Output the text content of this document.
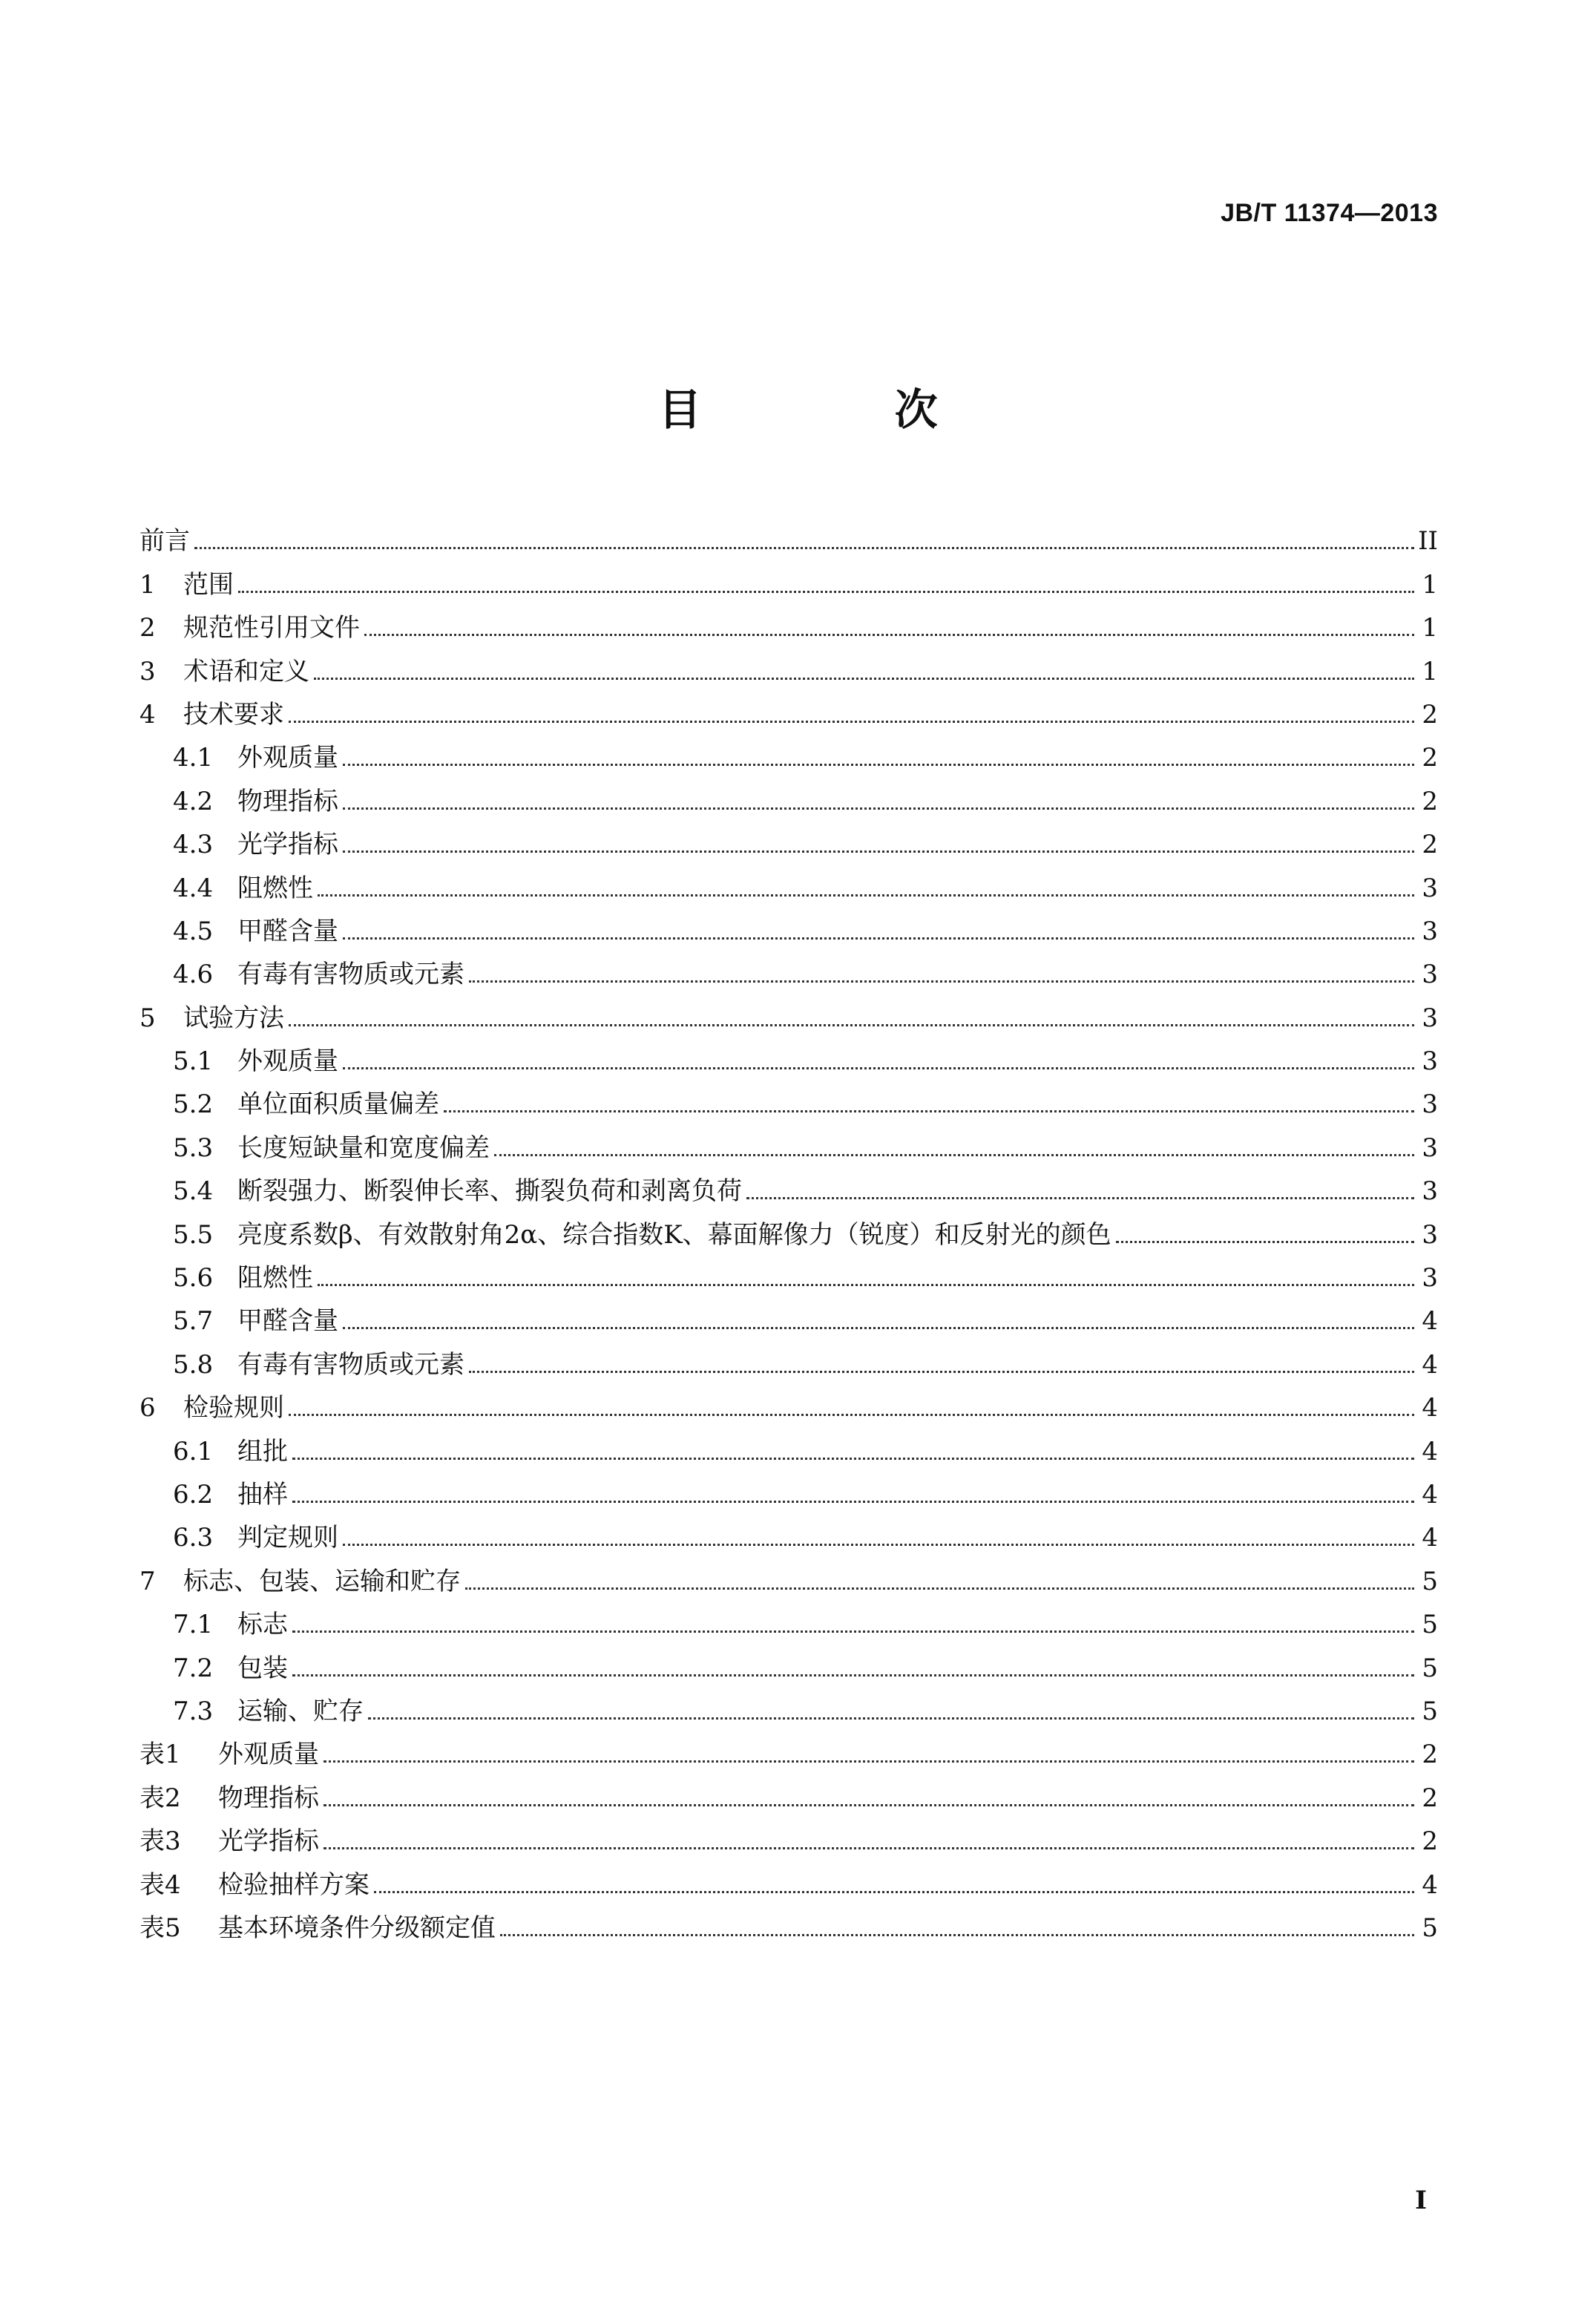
JB/T 11374—2013
目 次
前言	II
1	范围	1
2	规范性引用文件	1
3	术语和定义	1
4	技术要求	2
4.1 外观质量	2
4.2 物理指标	2
4.3 光学指标	2
4.4 阻燃性	3
4.5 甲醛含量	3
4.6 有毒有害物质或元素	3
5	试验方法	3
5.1 外观质量	3
5.2 单位面积质量偏差	3
5.3 长度短缺量和宽度偏差	3
5.4 断裂强力、断裂伸长率、撕裂负荷和剥离负荷	3
5.5 亮度系数β、有效散射角2α、综合指数K、幕面解像力（锐度）和反射光的颜色	3
5.6 阻燃性	3
5.7 甲醛含量	4
5.8 有毒有害物质或元素	4
6	检验规则	4
6.1 组批	4
6.2 抽样	4
6.3 判定规则	4
7	标志、包装、运输和贮存	5
7.1 标志	5
7.2 包装	5
7.3 运输、贮存	5
表1	外观质量	2
表2	物理指标	2
表3	光学指标	2
表4	检验抽样方案	4
表5	基本环境条件分级额定值	5
I
